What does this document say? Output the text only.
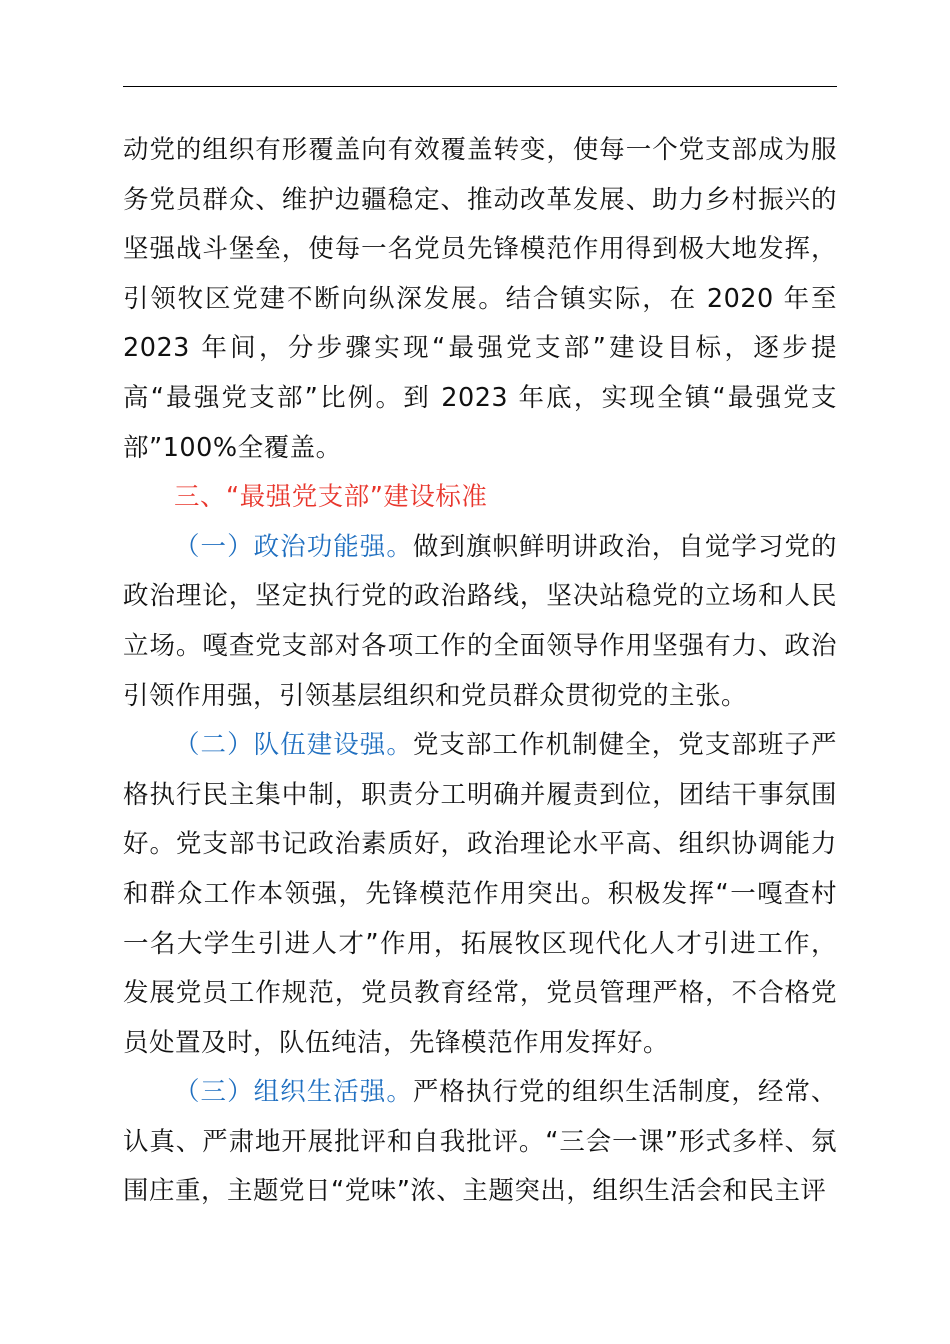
动党的组织有形覆盖向有效覆盖转变，使每一个党支部成为服务党员群众、维护边疆稳定、推动改革发展、助力乡村振兴的坚强战斗堡垒，使每一名党员先锋模范作用得到极大地发挥，引领牧区党建不断向纵深发展。结合镇实际，在 2020 年至 2023 年间，分步骤实现“最强党支部”建设目标，逐步提高“最强党支部”比例。到 2023 年底，实现全镇“最强党支部”100%全覆盖。

三、“最强党支部”建设标准

（一）政治功能强。做到旗帜鲜明讲政治，自觉学习党的政治理论，坚定执行党的政治路线，坚决站稳党的立场和人民立场。嘎查党支部对各项工作的全面领导作用坚强有力、政治引领作用强，引领基层组织和党员群众贯彻党的主张。

（二）队伍建设强。党支部工作机制健全，党支部班子严格执行民主集中制，职责分工明确并履责到位，团结干事氛围好。党支部书记政治素质好，政治理论水平高、组织协调能力和群众工作本领强，先锋模范作用突出。积极发挥“一嘎查村一名大学生引进人才”作用，拓展牧区现代化人才引进工作，发展党员工作规范，党员教育经常，党员管理严格，不合格党员处置及时，队伍纯洁，先锋模范作用发挥好。

（三）组织生活强。严格执行党的组织生活制度，经常、认真、严肃地开展批评和自我批评。“三会一课”形式多样、氛围庄重，主题党日“党味”浓、主题突出，组织生活会和民主评
